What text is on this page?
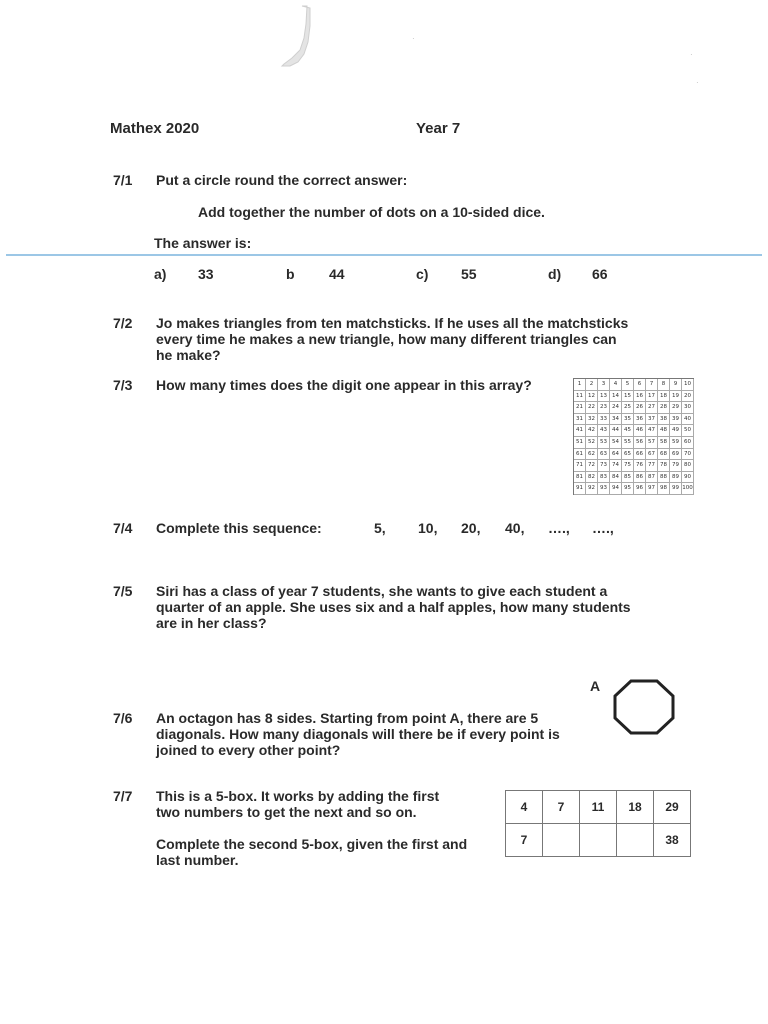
·
·
·
Mathex 2020	Year 7
7/1 Put a circle round the correct answer:
Add together the number of dots on a 10-sided dice.
The answer is:
a) 33	b 44	c) 55	d) 66
7/2 Jo makes triangles from ten matchsticks. If he uses all the matchsticks
every time he makes a new triangle, how many different triangles can
he make?
7/3 How many times does the digit one appear in this array?	1	2	3	4	5	6	7	8	9	10
11 12 13 14 15 16 17 18 19 20
21 22 23 24 25 26 27 28 29 30
31 32 33 34 35 36 37 38 39 40
41 42 43 44 45 46 47 48 49 50
51 52 53 54 55 56 57 58 59 60
61 62 63 64 65 66 67 68 69 70
71 72 73 74 75 76 77 78 79 80
81 82 83 84 85 86 87 88 89 90
91 92 93 94 95 96 97 98 99 100
7/4 Complete this sequence:	5, 10, 20, 40, …., ….,
7/5 Siri has a class of year 7 students, she wants to give each student a
quarter of an apple. She uses six and a half apples, how many students
are in her class?
A
7/6 An octagon has 8 sides. Starting from point A, there are 5
diagonals. How many diagonals will there be if every point is
joined to every other point?
7/7 This is a 5-box. It works by adding the first
two numbers to get the next and so on.
Complete the second 5-box, given the first and
last number.
4	7	11	18	29
7				38
